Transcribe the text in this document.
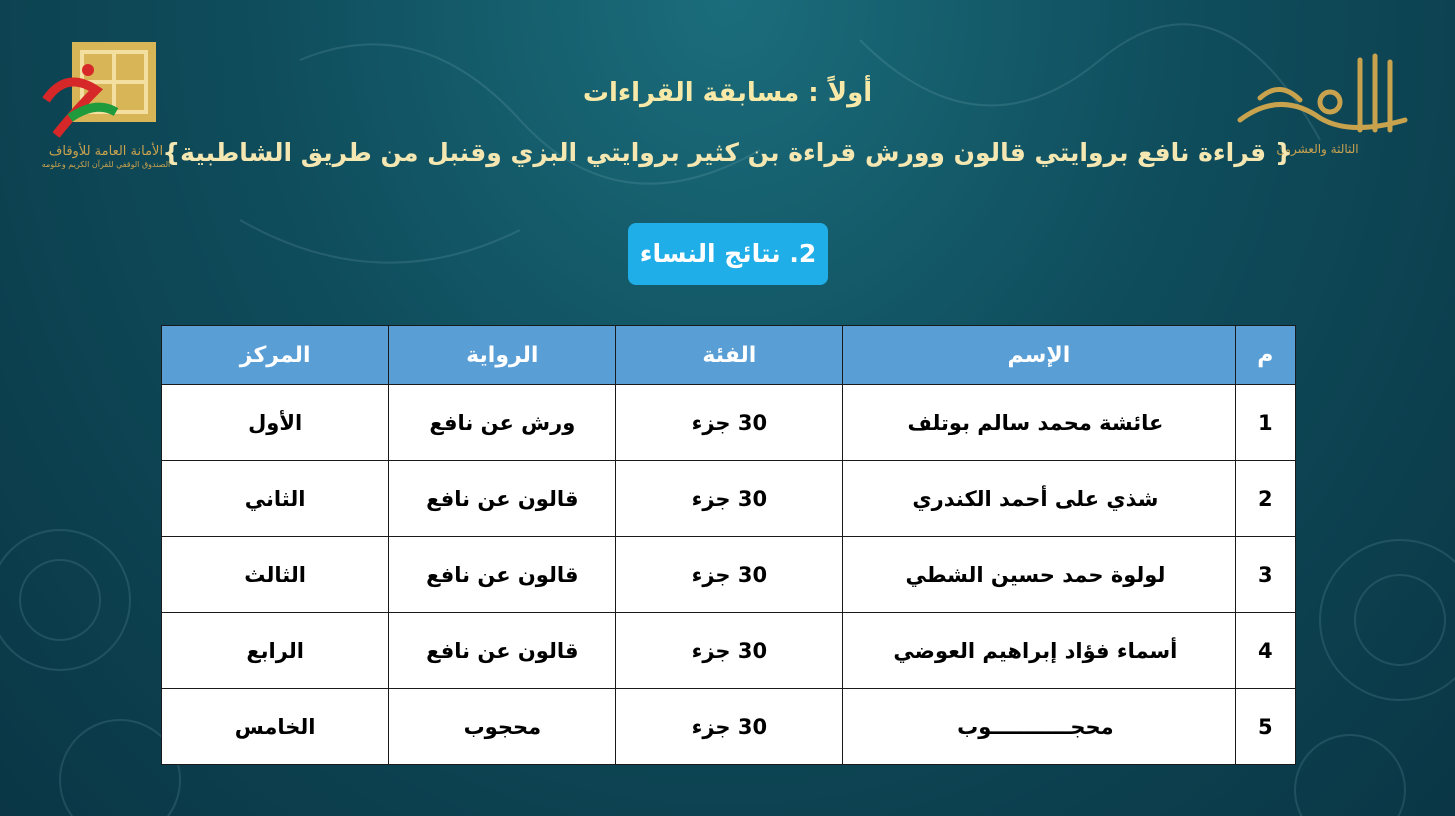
الأمانة العامة للأوقاف
الصندوق الوقفي للقرآن الكريم وعلومه
الثالثة والعشرون
أولاً : مسابقة القراءات
{ قراءة نافع بروايتي قالون وورش قراءة بن كثير بروايتي البزي وقنبل من طريق الشاطبية}
2. نتائج النساء
م	الإسم	الفئة	الرواية	المركز
1	عائشة محمد سالم بوتلف	30 جزء	ورش عن نافع	الأول
2	شذي على أحمد الكندري	30 جزء	قالون عن نافع	الثاني
3	لولوة حمد حسين الشطي	30 جزء	قالون عن نافع	الثالث
4	أسماء فؤاد إبراهيم العوضي	30 جزء	قالون عن نافع	الرابع
5	محجـــــــــــوب	30 جزء	محجوب	الخامس
